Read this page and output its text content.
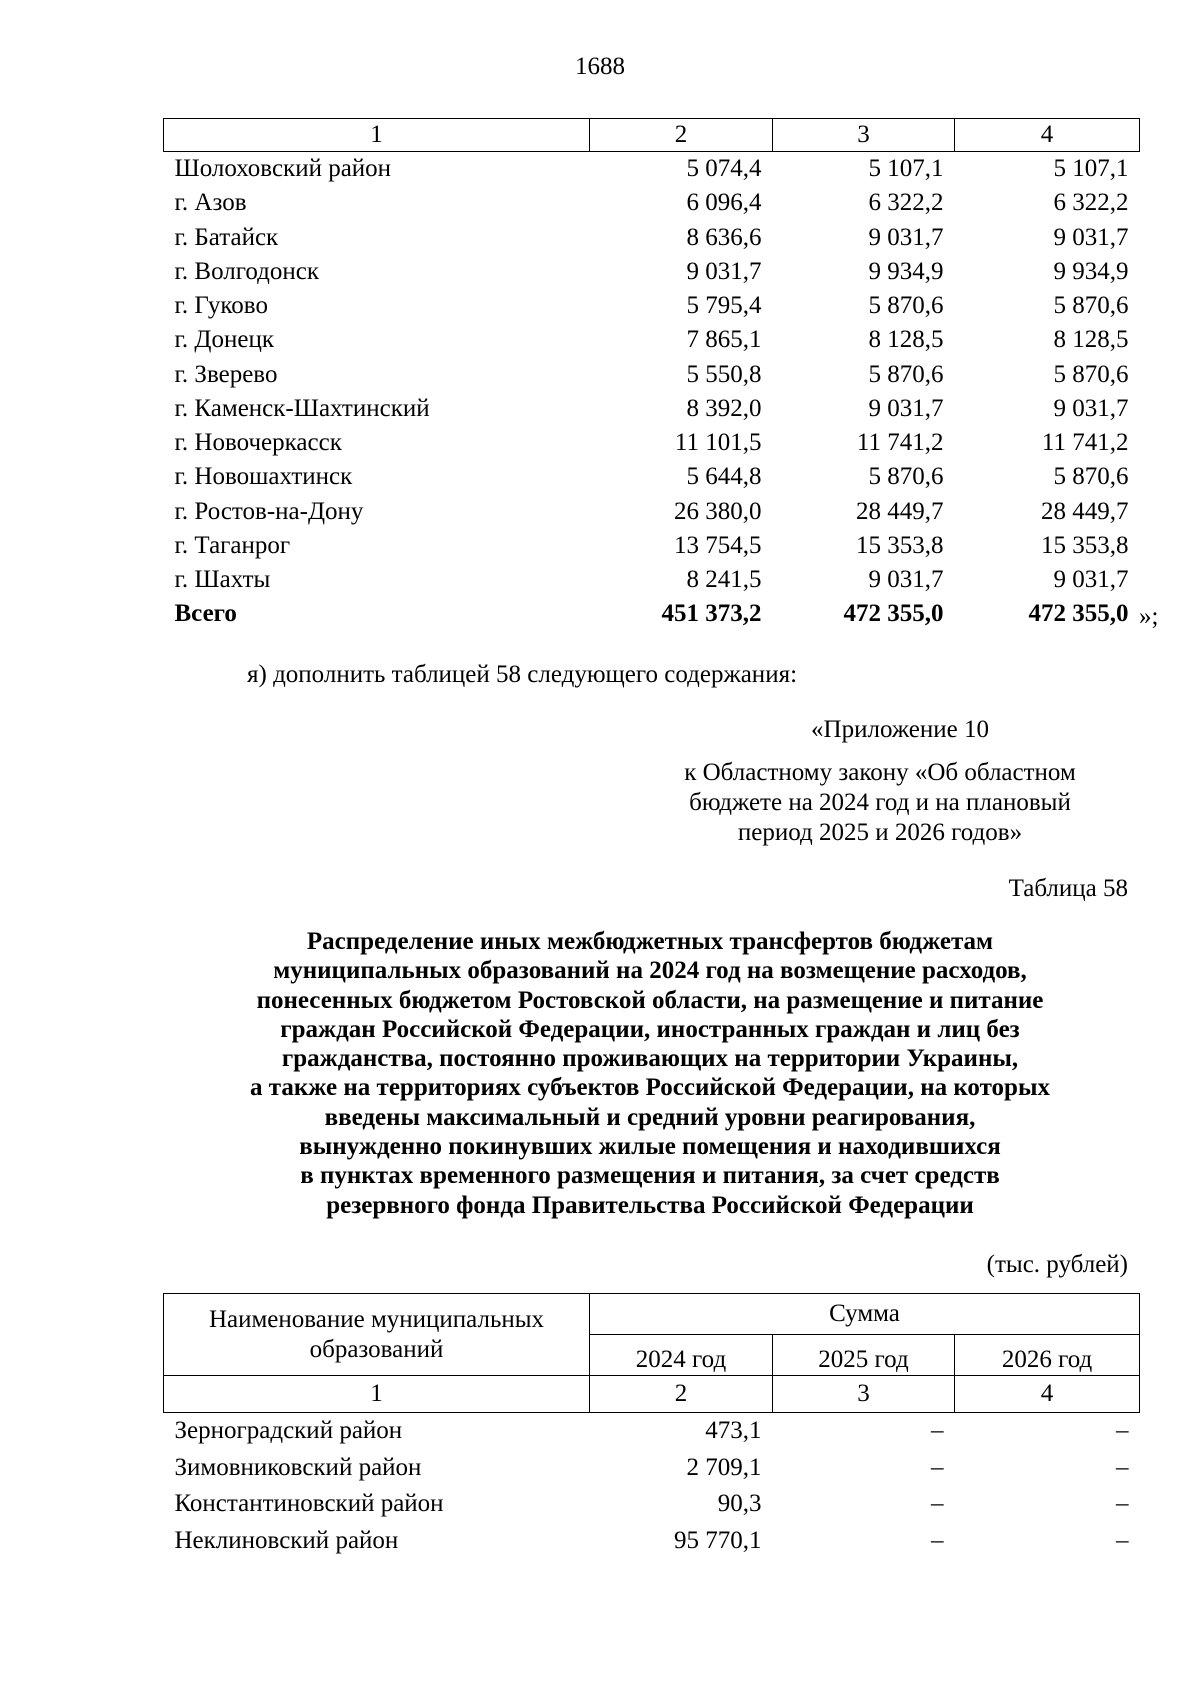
1688
1	2	3	4
Шолоховский район	5 074,4	5 107,1	5 107,1
г. Азов	6 096,4	6 322,2	6 322,2
г. Батайск	8 636,6	9 031,7	9 031,7
г. Волгодонск	9 031,7	9 934,9	9 934,9
г. Гуково	5 795,4	5 870,6	5 870,6
г. Донецк	7 865,1	8 128,5	8 128,5
г. Зверево	5 550,8	5 870,6	5 870,6
г. Каменск-Шахтинский	8 392,0	9 031,7	9 031,7
г. Новочеркасск	11 101,5	11 741,2	11 741,2
г. Новошахтинск	5 644,8	5 870,6	5 870,6
г. Ростов-на-Дону	26 380,0	28 449,7	28 449,7
г. Таганрог	13 754,5	15 353,8	15 353,8
г. Шахты	8 241,5	9 031,7	9 031,7
Всего	451 373,2	472 355,0	472 355,0 »;
я) дополнить таблицей 58 следующего содержания:
«Приложение 10
к Областному закону «Об областном
бюджете на 2024 год и на плановый
период 2025 и 2026 годов»
Таблица 58
Распределение иных межбюджетных трансфертов бюджетам
муниципальных образований на 2024 год на возмещение расходов,
понесенных бюджетом Ростовской области, на размещение и питание
граждан Российской Федерации, иностранных граждан и лиц без
гражданства, постоянно проживающих на территории Украины,
а также на территориях субъектов Российской Федерации, на которых
введены максимальный и средний уровни реагирования,
вынужденно покинувших жилые помещения и находившихся
в пунктах временного размещения и питания, за счет средств
резервного фонда Правительства Российской Федерации
(тыс. рублей)
Наименование муниципальных
образований	Сумма		
	2024 год	2025 год	2026 год
1	2	3	4
Зерноградский район	473,1	–	–
Зимовниковский район	2 709,1	–	–
Константиновский район	90,3	–	–
Неклиновский район	95 770,1	–	–
